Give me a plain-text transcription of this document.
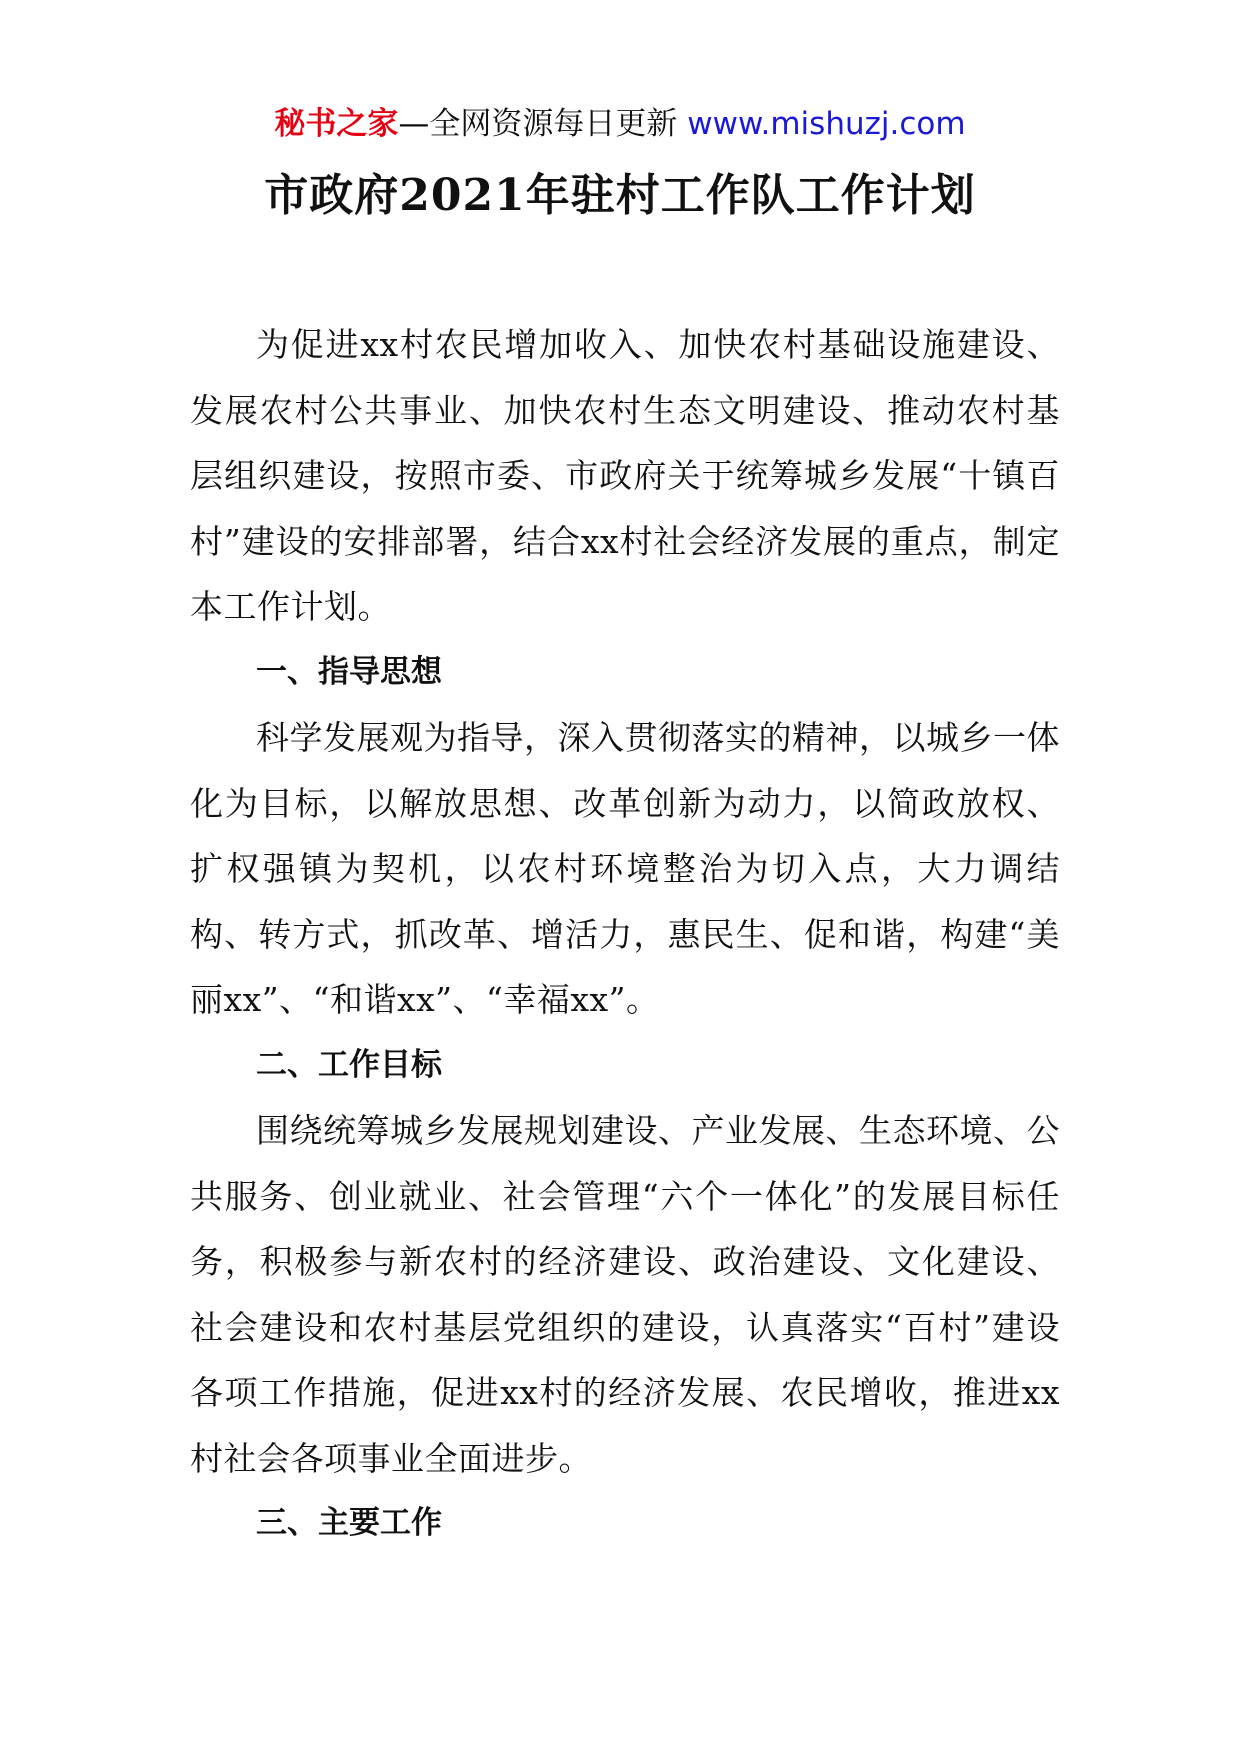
秘书之家—全网资源每日更新 www.mishuzj.com
市政府2021年驻村工作队工作计划

为促进xx村农民增加收入、加快农村基础设施建设、发展农村公共事业、加快农村生态文明建设、推动农村基层组织建设，按照市委、市政府关于统筹城乡发展“十镇百村”建设的安排部署，结合xx村社会经济发展的重点，制定本工作计划。

一、指导思想

科学发展观为指导，深入贯彻落实的精神，以城乡一体化为目标，以解放思想、改革创新为动力，以简政放权、扩权强镇为契机，以农村环境整治为切入点，大力调结构、转方式，抓改革、增活力，惠民生、促和谐，构建“美丽xx”、“和谐xx”、“幸福xx”。

二、工作目标

围绕统筹城乡发展规划建设、产业发展、生态环境、公共服务、创业就业、社会管理“六个一体化”的发展目标任务，积极参与新农村的经济建设、政治建设、文化建设、社会建设和农村基层党组织的建设，认真落实“百村”建设各项工作措施，促进xx村的经济发展、农民增收，推进xx村社会各项事业全面进步。

三、主要工作
